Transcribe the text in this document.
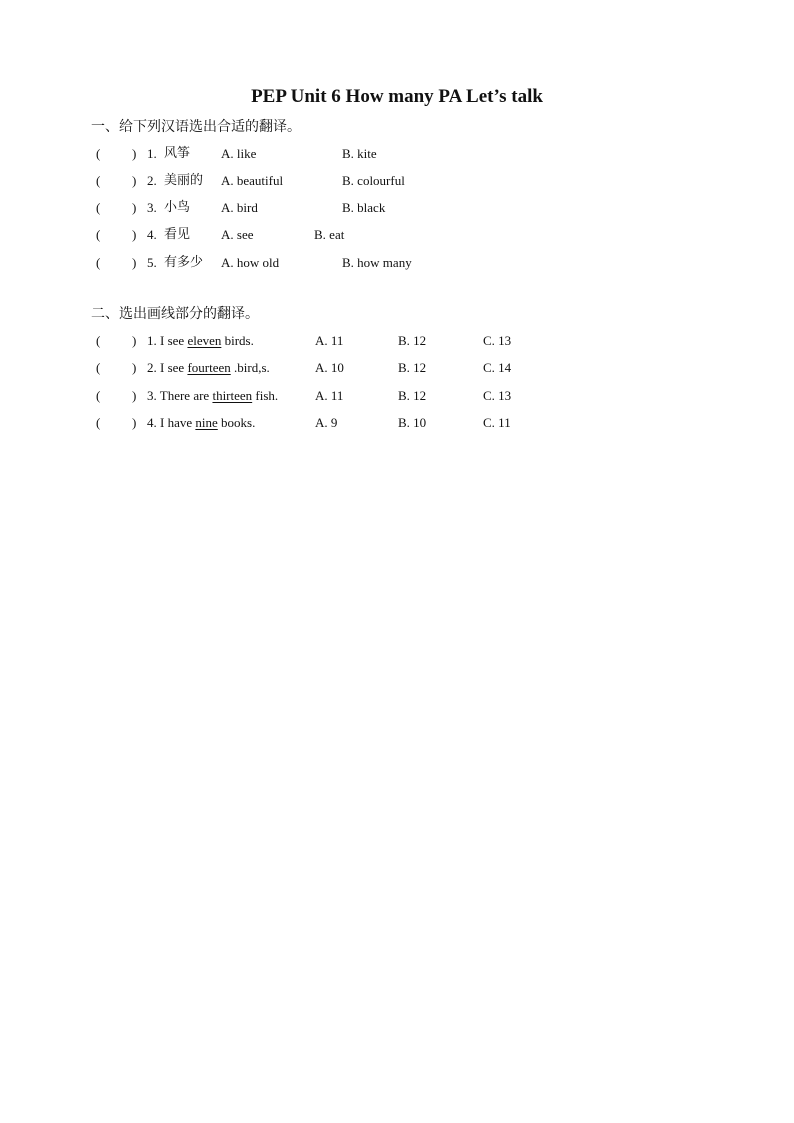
PEP Unit 6 How many PA Let’s talk
一、给下列汉语选出合适的翻译。
( ) 1. 风筝 A. like	B. kite
( ) 2. 美丽的 A. beautiful	B. colourful
( ) 3. 小鸟 A. bird	B. black
( ) 4. 看见 A. see	B. eat
( ) 5. 有多少 A. how old	B. how many
二、选出画线部分的翻译。
( ) 1. I see eleven birds.	A. 11	B. 12	C. 13
( ) 2. I see fourteen .bird,s.	A. 10	B. 12	C. 14
( ) 3. There are thirteen fish.	A. 11	B. 12	C. 13
( ) 4. I have nine books.	A. 9	B. 10	C. 11
